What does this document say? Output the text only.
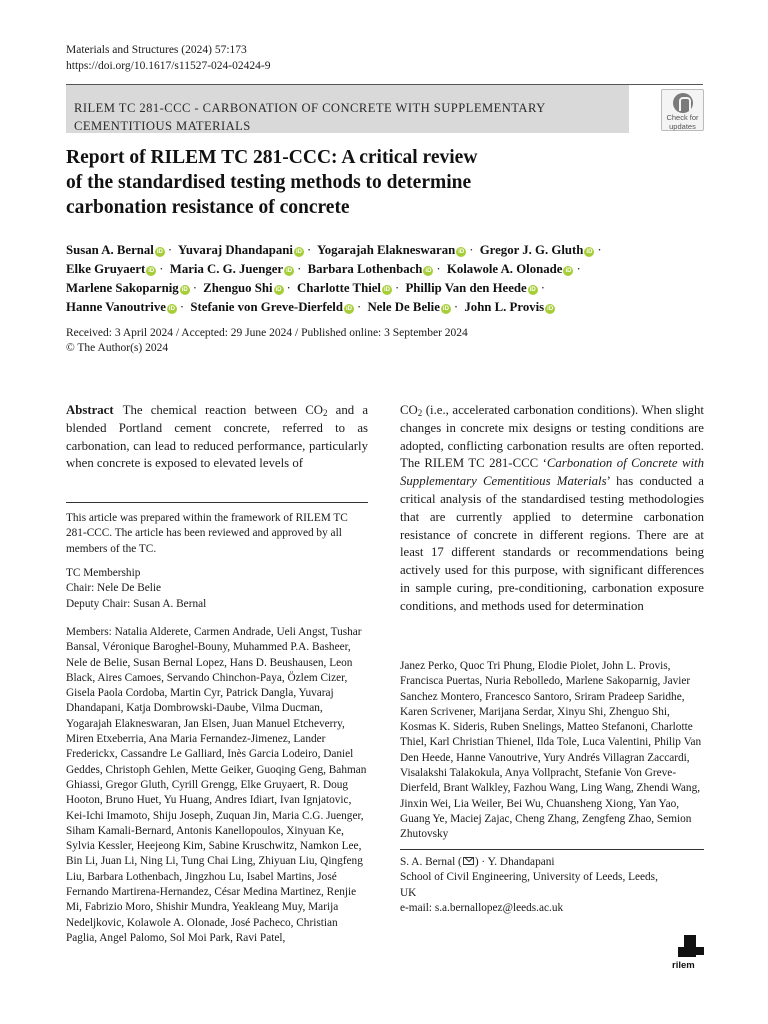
Materials and Structures (2024) 57:173
https://doi.org/10.1617/s11527-024-02424-9
RILEM TC 281-CCC - CARBONATION OF CONCRETE WITH SUPPLEMENTARY
CEMENTITIOUS MATERIALS
Check for
updates
Report of RILEM TC 281-CCC: A critical review
of the standardised testing methods to determine
carbonation resistance of concrete
Susan A. Bernal iD · Yuvaraj Dhandapani iD · Yogarajah Elakneswaran iD · Gregor J. G. Gluth iD ·
Elke Gruyaert iD · Maria C. G. Juenger iD · Barbara Lothenbach iD · Kolawole A. Olonade iD ·
Marlene Sakoparnig iD · Zhenguo Shi iD · Charlotte Thiel iD · Phillip Van den Heede iD ·
Hanne Vanoutrive iD · Stefanie von Greve-Dierfeld iD · Nele De Belie iD · John L. Provis iD
Received: 3 April 2024 / Accepted: 29 June 2024 / Published online: 3 September 2024
© The Author(s) 2024
Abstract The chemical reaction between $CO_2$ and a blended Portland cement concrete, referred to as carbonation, can lead to reduced performance, particularly when concrete is exposed to elevated levels of
This article was prepared within the framework of RILEM TC 281-CCC. The article has been reviewed and approved by all members of the TC.
TC Membership
Chair: Nele De Belie
Deputy Chair: Susan A. Bernal
Members: Natalia Alderete, Carmen Andrade, Ueli Angst, Tushar Bansal, Véronique Baroghel-Bouny, Muhammed P.A. Basheer, Nele de Belie, Susan Bernal Lopez, Hans D. Beushausen, Leon Black, Aires Camoes, Servando Chinchon-Paya, Özlem Cizer, Gisela Paola Cordoba, Martin Cyr, Patrick Dangla, Yuvaraj Dhandapani, Katja Dombrowski-Daube, Vilma Ducman, Yogarajah Elakneswaran, Jan Elsen, Juan Manuel Etcheverry, Miren Etxeberria, Ana Maria Fernandez-Jimenez, Lander Frederickx, Cassandre Le Galliard, Inès Garcia Lodeiro, Daniel Geddes, Christoph Gehlen, Mette Geiker, Guoqing Geng, Bahman Ghiassi, Gregor Gluth, Cyrill Grengg, Elke Gruyaert, R. Doug Hooton, Bruno Huet, Yu Huang, Andres Idiart, Ivan Ignjatovic, Kei-Ichi Imamoto, Shiju Joseph, Zuquan Jin, Maria C.G. Juenger, Siham Kamali-Bernard, Antonis Kanellopoulos, Xinyuan Ke, Sylvia Kessler, Heejeong Kim, Sabine Kruschwitz, Namkon Lee, Bin Li, Juan Li, Ning Li, Tung Chai Ling, Zhiyuan Liu, Qingfeng Liu, Barbara Lothenbach, Jingzhou Lu, Isabel Martins, José Fernando Martirena-Hernandez, César Medina Martinez, Renjie Mi, Fabrizio Moro, Shishir Mundra, Yeakleang Muy, Marija Nedeljkovic, Kolawole A. Olonade, José Pacheco, Christian Paglia, Angel Palomo, Sol Moi Park, Ravi Patel,
$CO_2$ (i.e., accelerated carbonation conditions). When slight changes in concrete mix designs or testing conditions are adopted, conflicting carbonation results are often reported. The RILEM TC 281-CCC ‘Carbonation of Concrete with Supplementary Cementitious Materials’ has conducted a critical analysis of the standardised testing methodologies that are currently applied to determine carbonation resistance of concrete in different regions. There are at least 17 different standards or recommendations being actively used for this purpose, with significant differences in sample curing, pre-conditioning, carbonation exposure conditions, and methods used for determination
Janez Perko, Quoc Tri Phung, Elodie Piolet, John L. Provis, Francisca Puertas, Nuria Rebolledo, Marlene Sakoparnig, Javier Sanchez Montero, Francesco Santoro, Sriram Pradeep Saridhe, Karen Scrivener, Marijana Serdar, Xinyu Shi, Zhenguo Shi, Kosmas K. Sideris, Ruben Snelings, Matteo Stefanoni, Charlotte Thiel, Karl Christian Thienel, Ilda Tole, Luca Valentini, Philip Van Den Heede, Hanne Vanoutrive, Yury Andrés Villagran Zaccardi, Visalakshi Talakokula, Anya Vollpracht, Stefanie Von Greve-Dierfeld, Brant Walkley, Fazhou Wang, Ling Wang, Zhendi Wang, Jinxin Wei, Lia Weiler, Bei Wu, Chuansheng Xiong, Yan Yao, Guang Ye, Maciej Zajac, Cheng Zhang, Zengfeng Zhao, Semion Zhutovsky
S. A. Bernal ( ) · Y. Dhandapani
School of Civil Engineering, University of Leeds, Leeds,
UK
e-mail: s.a.bernallopez@leeds.ac.uk
rilem
